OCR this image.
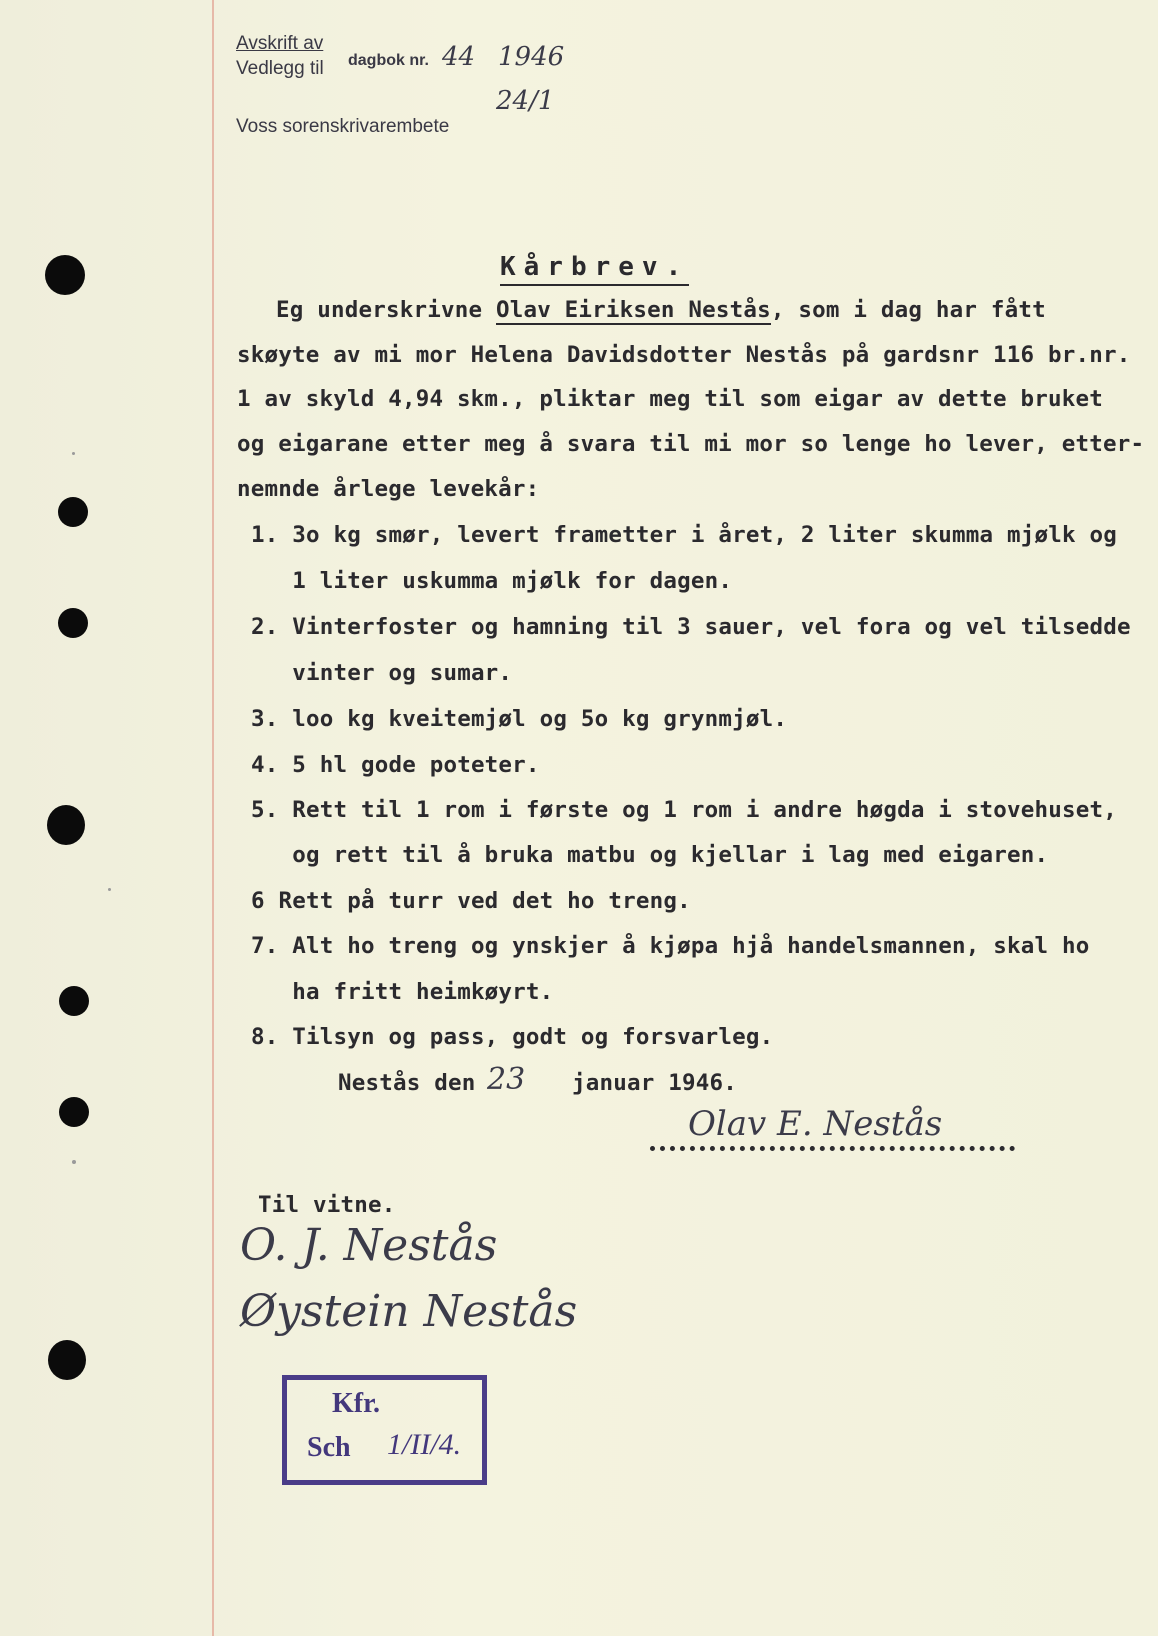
Avskrift av
Vedlegg til dagbok nr. 44 1946
Voss sorenskrivarembete
24/1
Kårbrev.
Eg underskrivne Olav Eiriksen Nestås, som i dag har fått
skøyte av mi mor Helena Davidsdotter Nestås på gardsnr 116 br.nr.
1 av skyld 4,94 skm., pliktar meg til som eigar av dette bruket
og eigarane etter meg å svara til mi mor so lenge ho lever, etter-
nemnde årlege levekår:
1. 3o kg smør, levert frametter i året, 2 liter skumma mjølk og
1 liter uskumma mjølk for dagen.
2. Vinterfoster og hamning til 3 sauer, vel fora og vel tilsedde
vinter og sumar.
3. loo kg kveitemjøl og 5o kg grynmjøl.
4. 5 hl gode poteter.
5. Rett til 1 rom i første og 1 rom i andre høgda i stovehuset,
og rett til å bruka matbu og kjellar i lag med eigaren.
6 Rett på turr ved det ho treng.
7. Alt ho treng og ynskjer å kjøpa hjå handelsmannen, skal ho
ha fritt heimkøyrt.
8. Tilsyn og pass, godt og forsvarleg.
Nestås den 23 januar 1946.
Olav E. Nestås
Til vitne.
O. J. Nestås
Øystein Nestås
Kfr.
Sch 1/II/4.
